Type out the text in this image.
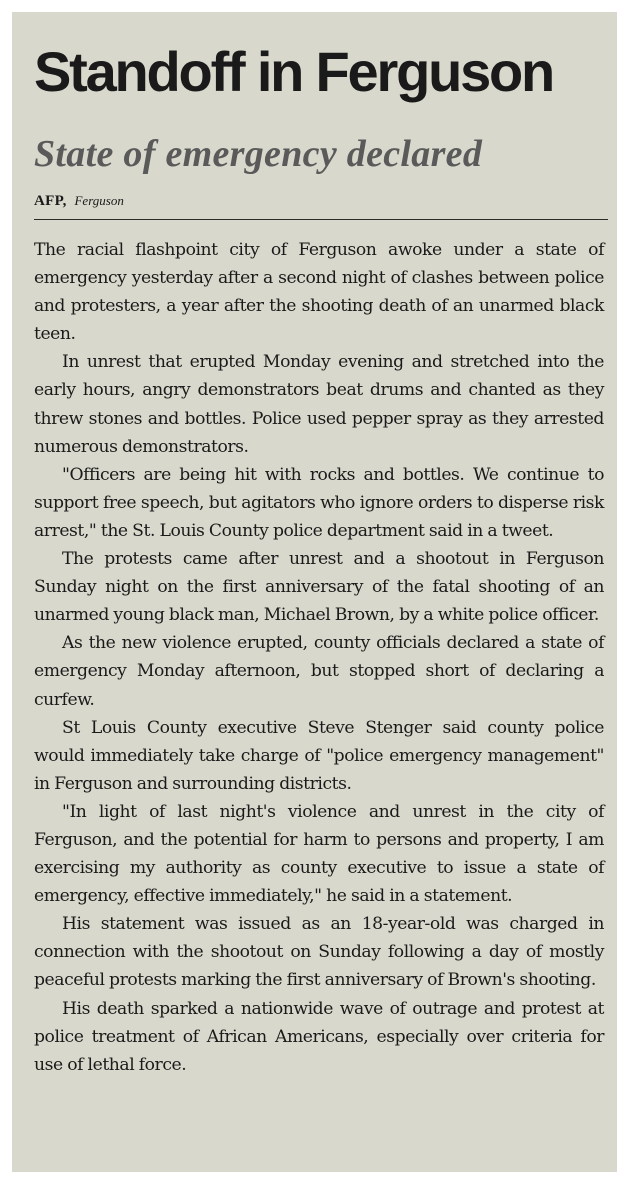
Standoff in Ferguson
State of emergency declared
AFP, Ferguson

The racial flashpoint city of Ferguson awoke under a state of emergency yesterday after a second night of clashes between police and protesters, a year after the shooting death of an unarmed black teen.

In unrest that erupted Monday evening and stretched into the early hours, angry demonstrators beat drums and chanted as they threw stones and bottles. Police used pepper spray as they arrested numerous demonstrators.

"Officers are being hit with rocks and bottles. We continue to support free speech, but agitators who ignore orders to disperse risk arrest," the St. Louis County police department said in a tweet.

The protests came after unrest and a shootout in Ferguson Sunday night on the first anniversary of the fatal shooting of an unarmed young black man, Michael Brown, by a white police officer.

As the new violence erupted, county officials declared a state of emergency Monday afternoon, but stopped short of declaring a curfew.

St Louis County executive Steve Stenger said county police would immediately take charge of "police emergency management" in Ferguson and surrounding districts.

"In light of last night's violence and unrest in the city of Ferguson, and the potential for harm to persons and property, I am exercising my authority as county executive to issue a state of emergency, effective immediately," he said in a statement.

His statement was issued as an 18-year-old was charged in connection with the shootout on Sunday following a day of mostly peaceful protests marking the first anniversary of Brown's shooting.

His death sparked a nationwide wave of outrage and protest at police treatment of African Americans, especially over criteria for use of lethal force.
